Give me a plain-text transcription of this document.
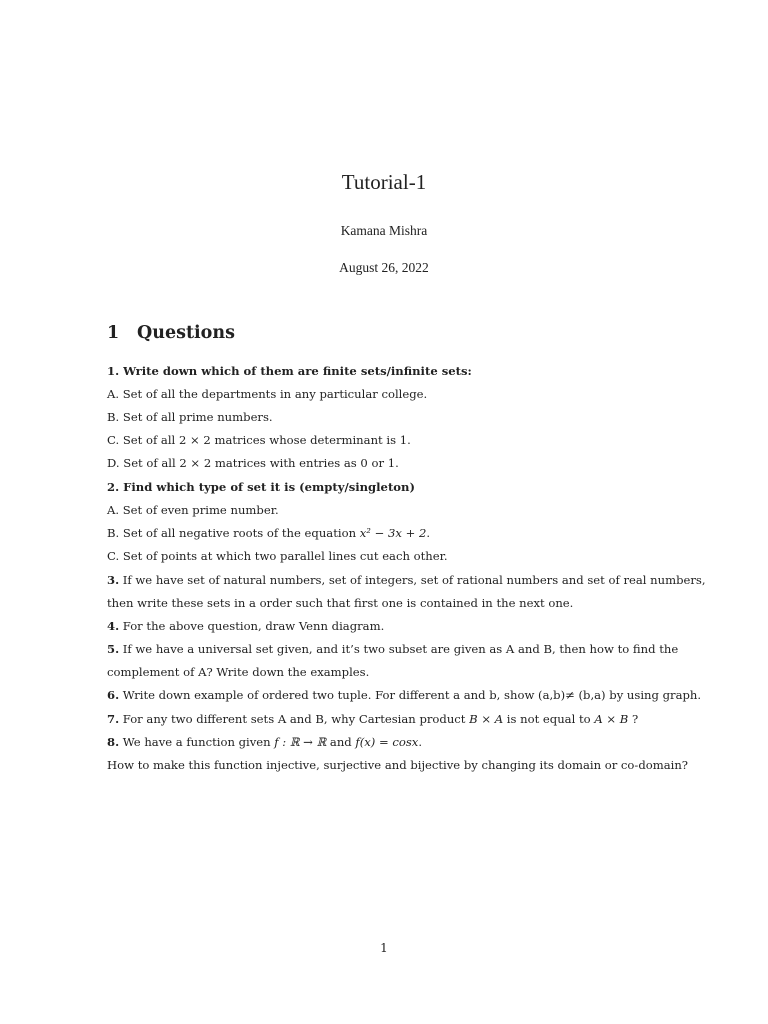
Tutorial-1
Kamana Mishra
August 26, 2022
1 Questions
1. Write down which of them are finite sets/infinite sets:
A. Set of all the departments in any particular college.
B. Set of all prime numbers.
C. Set of all 2 × 2 matrices whose determinant is 1.
D. Set of all 2 × 2 matrices with entries as 0 or 1.
2. Find which type of set it is (empty/singleton)
A. Set of even prime number.
B. Set of all negative roots of the equation x² − 3x + 2.
C. Set of points at which two parallel lines cut each other.
3. If we have set of natural numbers, set of integers, set of rational numbers and set of real numbers,
then write these sets in a order such that first one is contained in the next one.
4. For the above question, draw Venn diagram.
5. If we have a universal set given, and it’s two subset are given as A and B, then how to find the
complement of A? Write down the examples.
6. Write down example of ordered two tuple. For different a and b, show (a,b)≠ (b,a) by using graph.
7. For any two different sets A and B, why Cartesian product B × A is not equal to A × B ?
8. We have a function given f : ℝ → ℝ and f(x) = cosx.
How to make this function injective, surjective and bijective by changing its domain or co-domain?
1
